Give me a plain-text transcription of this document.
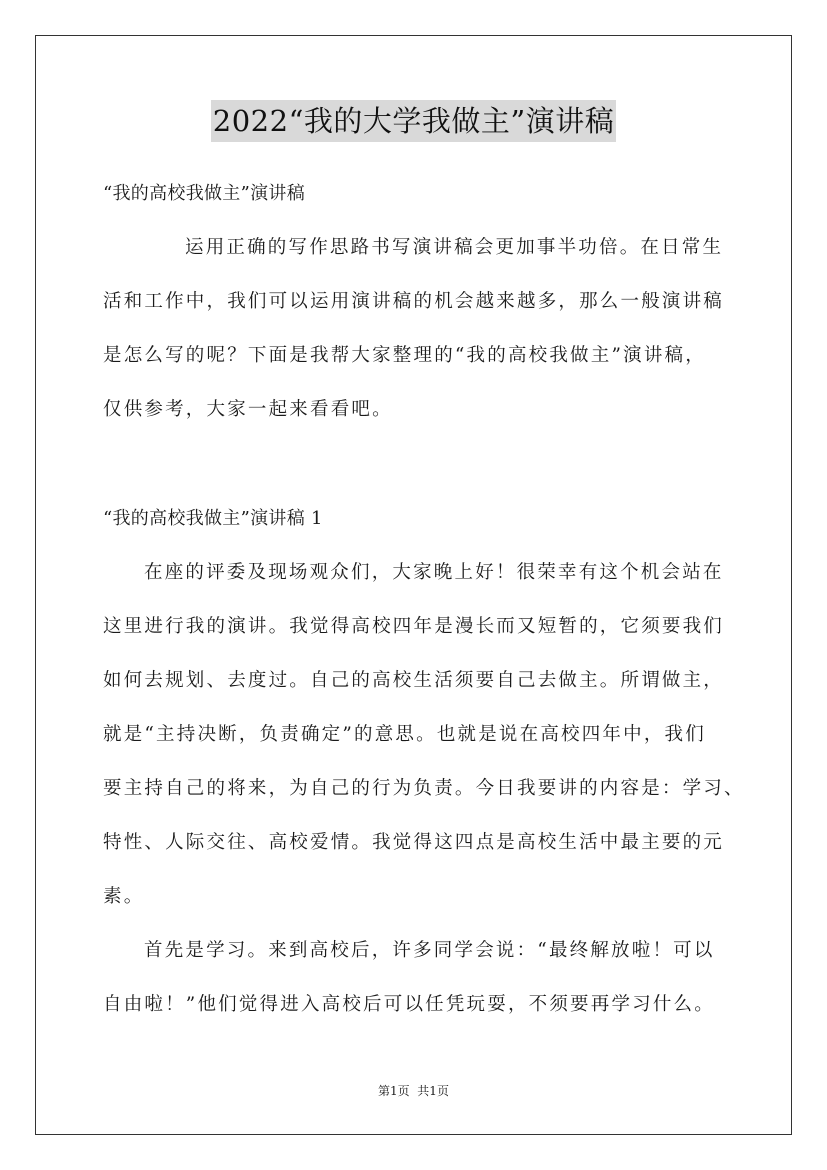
2022“我的大学我做主”演讲稿
“我的高校我做主”演讲稿
运用正确的写作思路书写演讲稿会更加事半功倍。在日常生
活和工作中，我们可以运用演讲稿的机会越来越多，那么一般演讲稿
是怎么写的呢？下面是我帮大家整理的“我的高校我做主”演讲稿，
仅供参考，大家一起来看看吧。
“我的高校我做主”演讲稿 1
在座的评委及现场观众们，大家晚上好！很荣幸有这个机会站在
这里进行我的演讲。我觉得高校四年是漫长而又短暂的，它须要我们
如何去规划、去度过。自己的高校生活须要自己去做主。所谓做主，
就是“主持决断，负责确定”的意思。也就是说在高校四年中，我们
要主持自己的将来，为自己的行为负责。今日我要讲的内容是：学习、
特性、人际交往、高校爱情。我觉得这四点是高校生活中最主要的元
素。
首先是学习。来到高校后，许多同学会说：“最终解放啦！可以
自由啦！”他们觉得进入高校后可以任凭玩耍，不须要再学习什么。
第1页  共1页
